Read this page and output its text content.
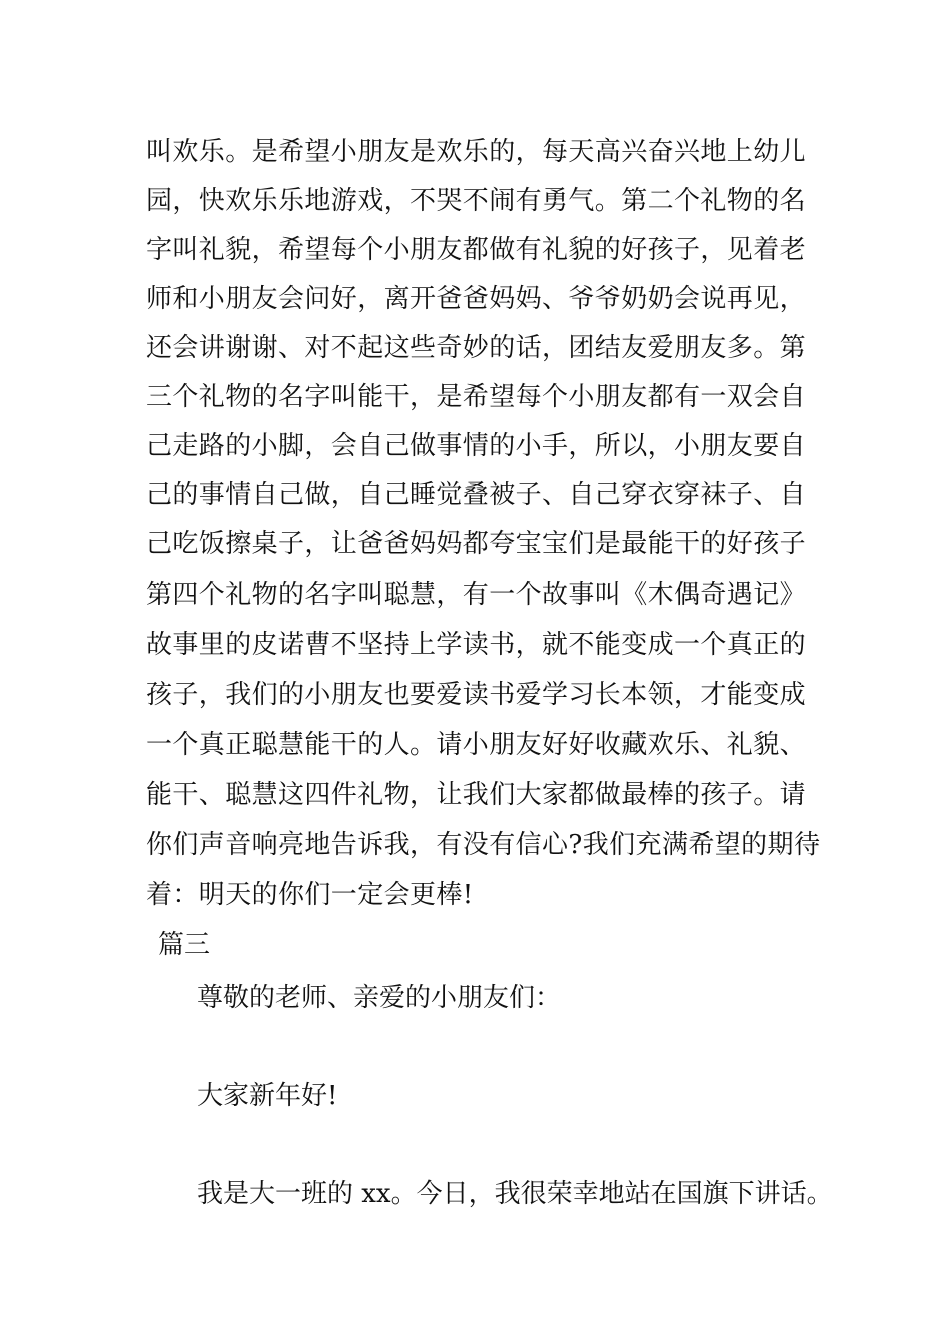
叫欢乐。是希望小朋友是欢乐的，每天高兴奋兴地上幼儿
园，快欢乐乐地游戏，不哭不闹有勇气。第二个礼物的名
字叫礼貌，希望每个小朋友都做有礼貌的好孩子，见着老
师和小朋友会问好，离开爸爸妈妈、爷爷奶奶会说再见，
还会讲谢谢、对不起这些奇妙的话，团结友爱朋友多。第
三个礼物的名字叫能干，是希望每个小朋友都有一双会自
己走路的小脚，会自己做事情的小手，所以，小朋友要自
己的事情自己做，自己睡觉叠被子、自己穿衣穿袜子、自
己吃饭擦桌子，让爸爸妈妈都夸宝宝们是最能干的好孩子
第四个礼物的名字叫聪慧，有一个故事叫《木偶奇遇记》
故事里的皮诺曹不坚持上学读书，就不能变成一个真正的
孩子，我们的小朋友也要爱读书爱学习长本领，才能变成
一个真正聪慧能干的人。请小朋友好好收藏欢乐、礼貌、
能干、聪慧这四件礼物，让我们大家都做最棒的孩子。请
你们声音响亮地告诉我，有没有信心?我们充满希望的期待
着：明天的你们一定会更棒!
篇三
尊敬的老师、亲爱的小朋友们：
大家新年好!
我是大一班的 xx。今日，我很荣幸地站在国旗下讲话。
